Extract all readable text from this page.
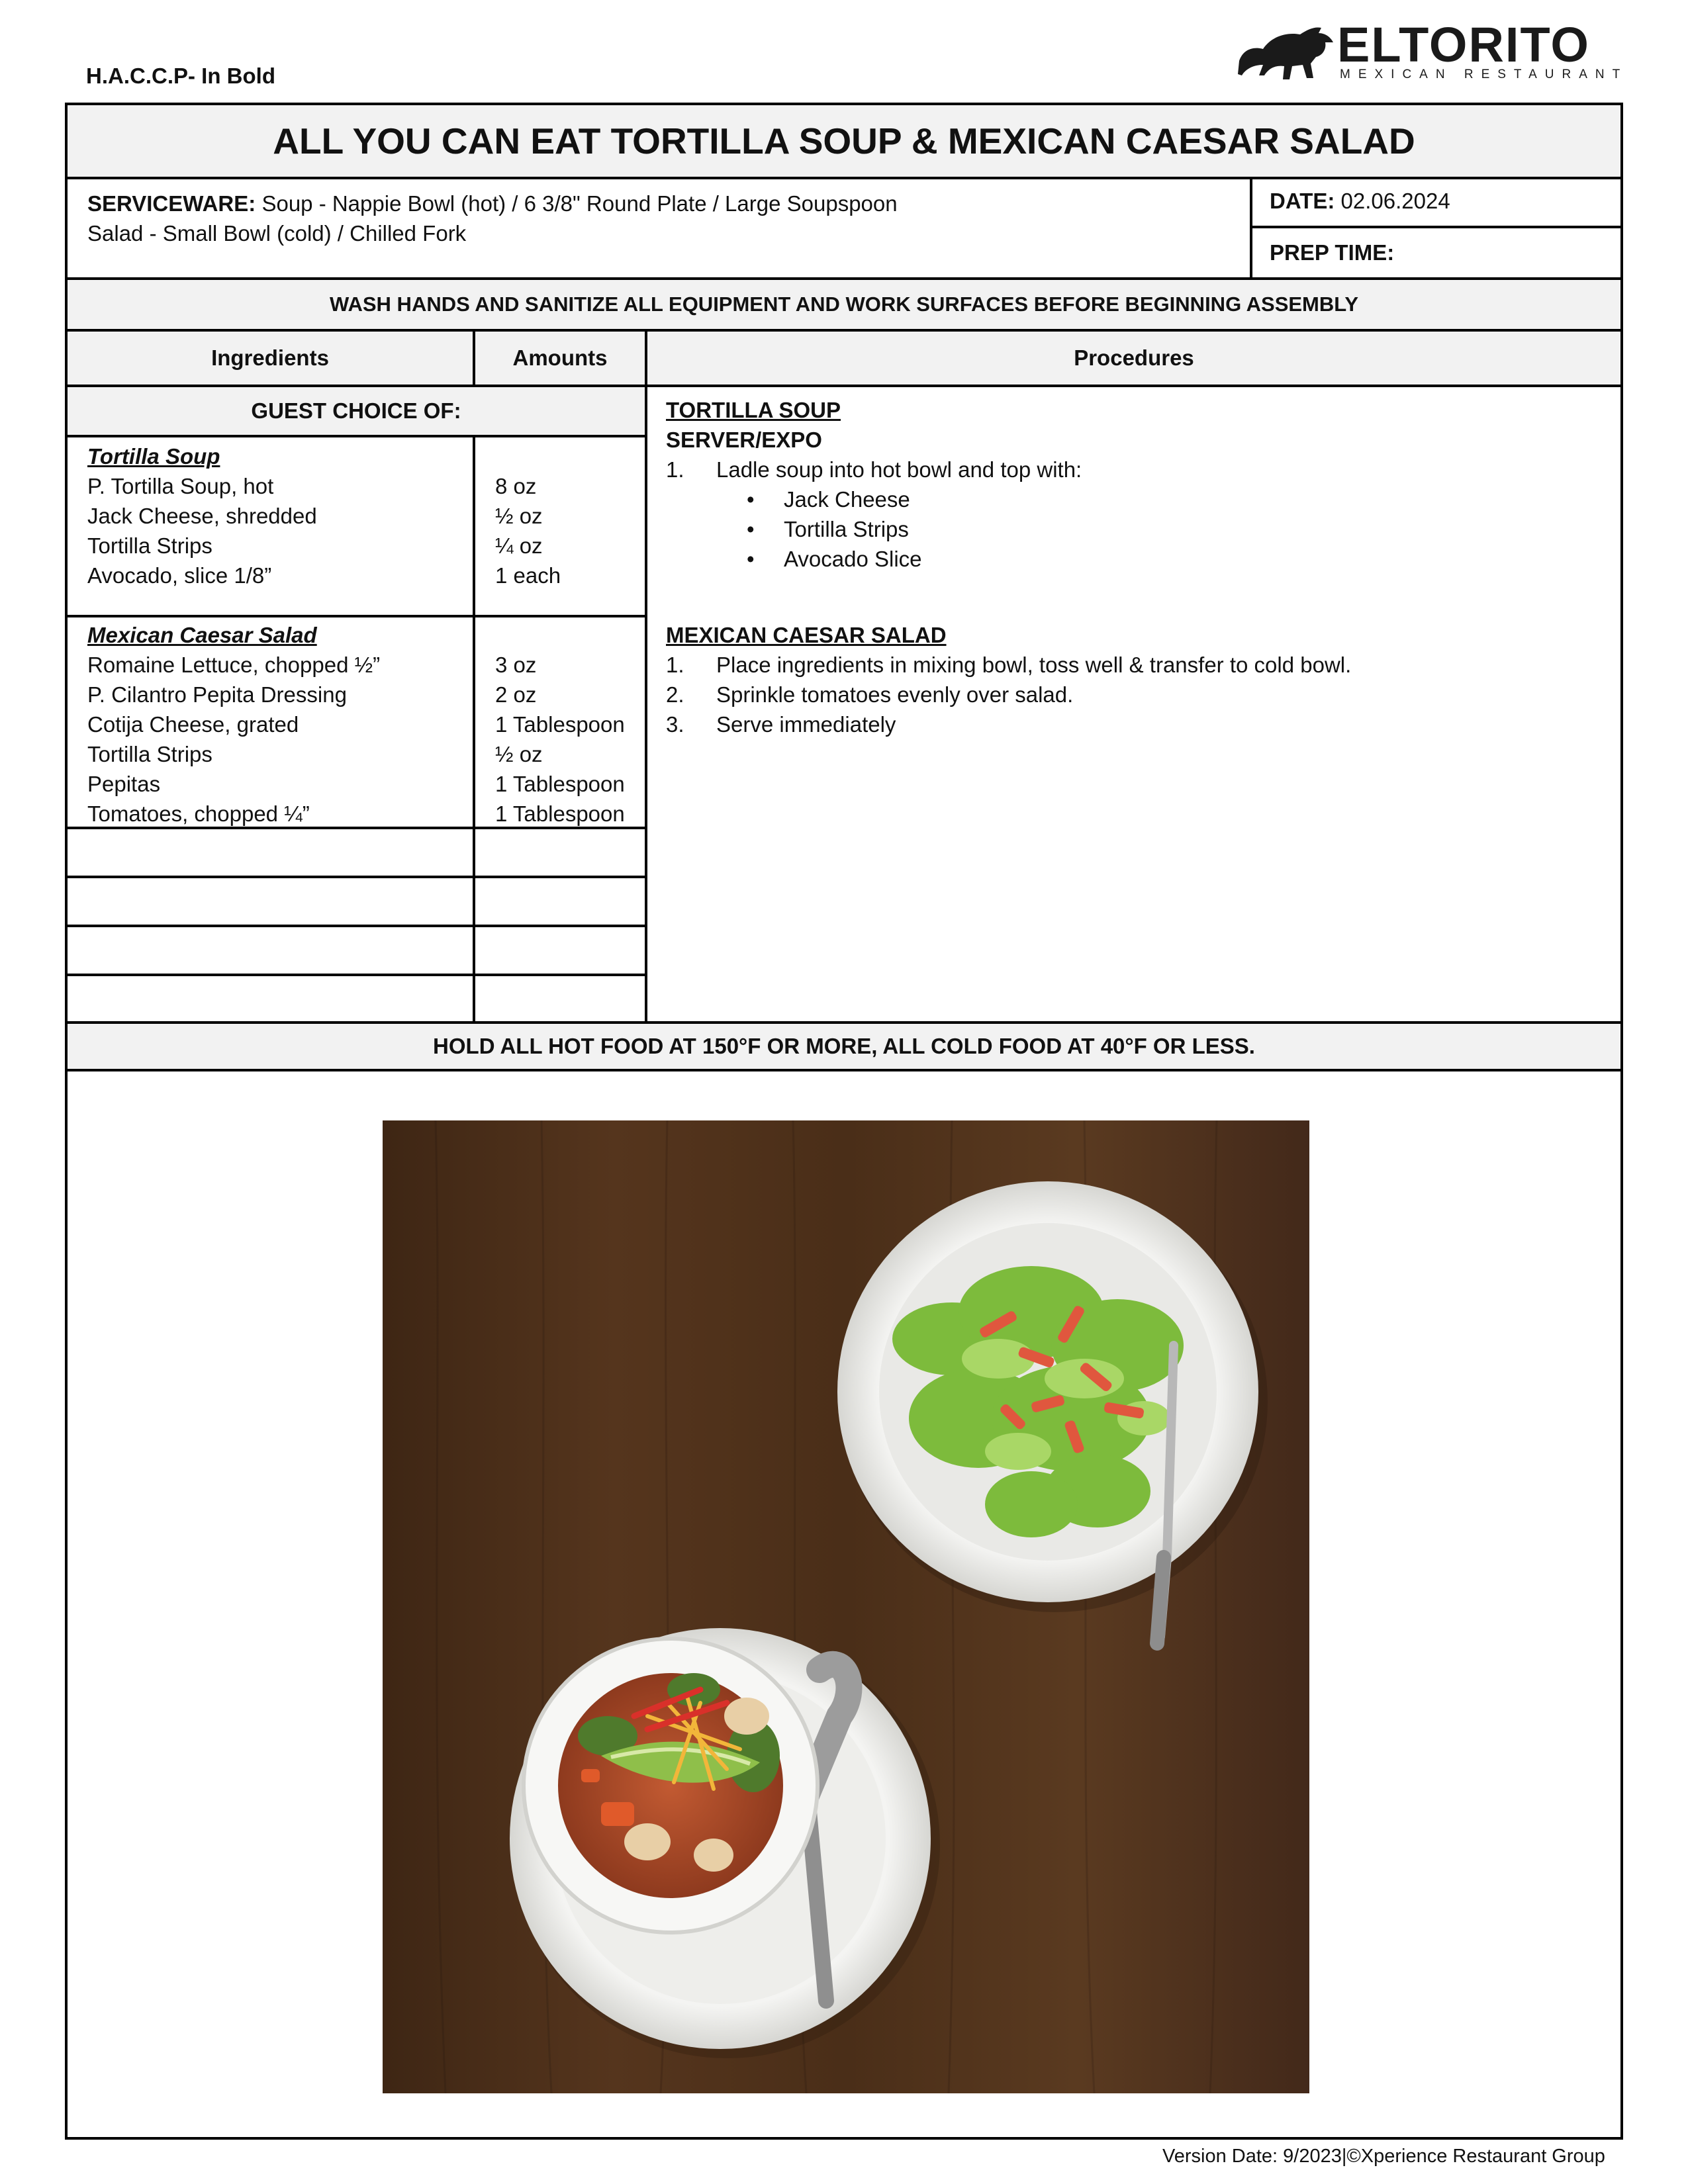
H.A.C.C.P- In Bold
ELTORITO
MEXICAN RESTAURANT
ALL YOU CAN EAT TORTILLA SOUP & MEXICAN CAESAR SALAD
SERVICEWARE: Soup - Nappie Bowl (hot) / 6 3/8" Round Plate / Large Soupspoon
Salad - Small Bowl (cold) / Chilled Fork
DATE: 02.06.2024
PREP TIME:
WASH HANDS AND SANITIZE ALL EQUIPMENT AND WORK SURFACES BEFORE BEGINNING ASSEMBLY
Ingredients	Amounts	Procedures
GUEST CHOICE OF:
Tortilla Soup
P. Tortilla Soup, hot
Jack Cheese, shredded
Tortilla Strips
Avocado, slice 1/8”
Mexican Caesar Salad
Romaine Lettuce, chopped ½”
P. Cilantro Pepita Dressing
Cotija Cheese, grated
Tortilla Strips
Pepitas
Tomatoes, chopped ¼”
8 oz
½ oz
¼ oz
1 each
3 oz
2 oz
1 Tablespoon
½ oz
1 Tablespoon
1 Tablespoon
TORTILLA SOUP
SERVER/EXPO
1. Ladle soup into hot bowl and top with:
• Jack Cheese
• Tortilla Strips
• Avocado Slice
MEXICAN CAESAR SALAD
1. Place ingredients in mixing bowl, toss well & transfer to cold bowl.
2. Sprinkle tomatoes evenly over salad.
3. Serve immediately
HOLD ALL HOT FOOD AT 150°F OR MORE, ALL COLD FOOD AT 40°F OR LESS.
Version Date: 9/2023|©Xperience Restaurant Group
